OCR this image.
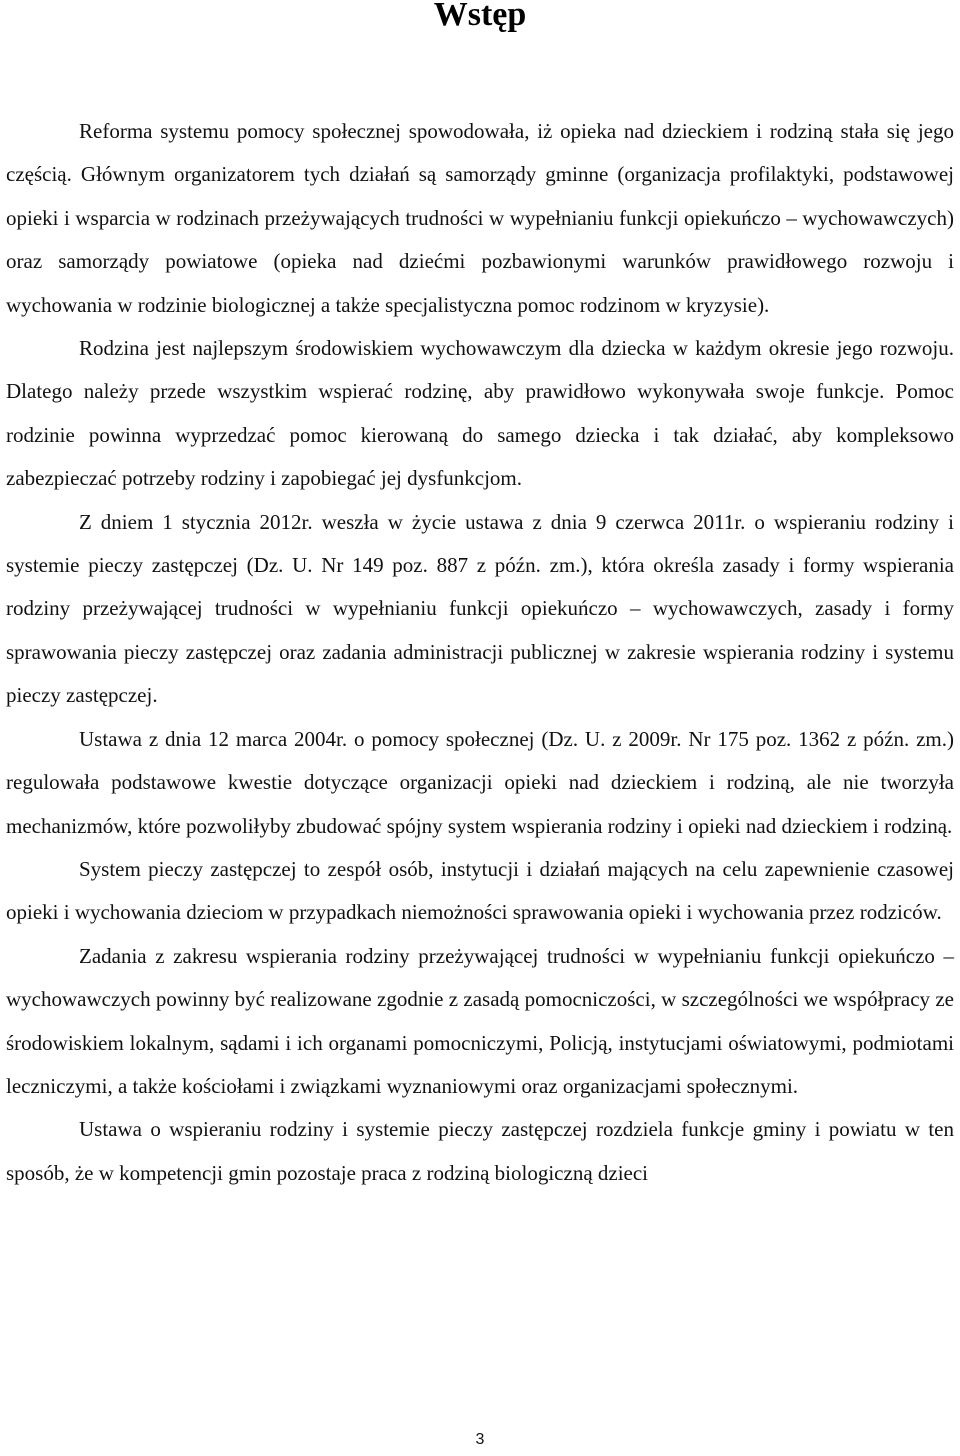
Wstęp

Reforma systemu pomocy społecznej spowodowała, iż opieka nad dzieckiem i rodziną stała się jego częścią. Głównym organizatorem tych działań są samorządy gminne (organizacja profilaktyki, podstawowej opieki i wsparcia w rodzinach przeżywających trudności w wypełnianiu funkcji opiekuńczo – wychowawczych) oraz samorządy powiatowe (opieka nad dziećmi pozbawionymi warunków prawidłowego rozwoju i wychowania w rodzinie biologicznej a także specjalistyczna pomoc rodzinom w kryzysie).

Rodzina jest najlepszym środowiskiem wychowawczym dla dziecka w każdym okresie jego rozwoju. Dlatego należy przede wszystkim wspierać rodzinę, aby prawidłowo wykonywała swoje funkcje. Pomoc rodzinie powinna wyprzedzać pomoc kierowaną do samego dziecka i tak działać, aby kompleksowo zabezpieczać potrzeby rodziny i zapobiegać jej dysfunkcjom.

Z dniem 1 stycznia 2012r. weszła w życie ustawa z dnia 9 czerwca 2011r. o wspieraniu rodziny i systemie pieczy zastępczej (Dz. U. Nr 149 poz. 887 z późn. zm.), która określa zasady i formy wspierania rodziny przeżywającej trudności w wypełnianiu funkcji opiekuńczo – wychowawczych, zasady i formy sprawowania pieczy zastępczej oraz zadania administracji publicznej w zakresie wspierania rodziny i systemu pieczy zastępczej.

Ustawa z dnia 12 marca 2004r. o pomocy społecznej (Dz. U. z 2009r. Nr 175 poz. 1362 z późn. zm.) regulowała podstawowe kwestie dotyczące organizacji opieki nad dzieckiem i rodziną, ale nie tworzyła mechanizmów, które pozwoliłyby zbudować spójny system wspierania rodziny i opieki nad dzieckiem i rodziną.

System pieczy zastępczej to zespół osób, instytucji i działań mających na celu zapewnienie czasowej opieki i wychowania dzieciom w przypadkach niemożności sprawowania opieki i wychowania przez rodziców.

Zadania z zakresu wspierania rodziny przeżywającej trudności w wypełnianiu funkcji opiekuńczo – wychowawczych powinny być realizowane zgodnie z zasadą pomocniczości, w szczególności we współpracy ze środowiskiem lokalnym, sądami i ich organami pomocniczymi, Policją, instytucjami oświatowymi, podmiotami leczniczymi, a także kościołami i związkami wyznaniowymi oraz organizacjami społecznymi.

Ustawa o wspieraniu rodziny i systemie pieczy zastępczej rozdziela funkcje gminy i powiatu w ten sposób, że w kompetencji gmin pozostaje praca z rodziną biologiczną dzieci

3
